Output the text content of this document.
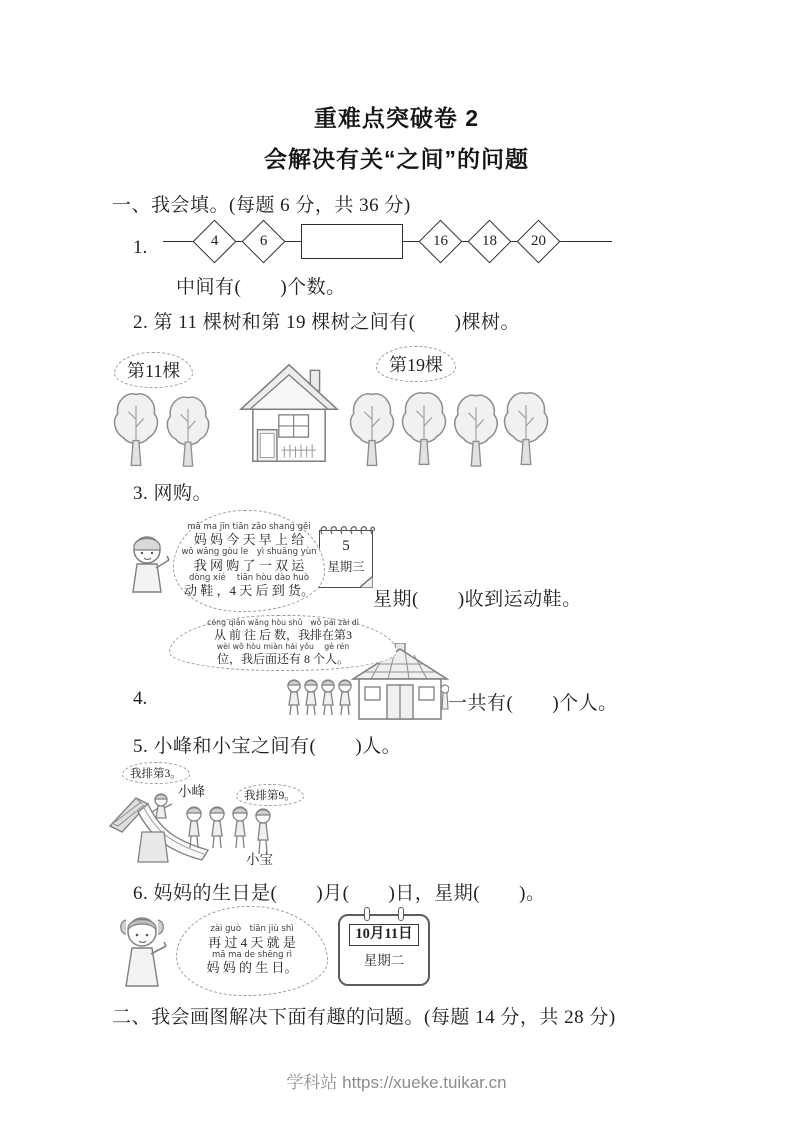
重难点突破卷 2
会解决有关“之间”的问题
一、我会填。(每题 6 分，共 36 分)
1.	4	6	16 18 20
中间有(　　)个数。
2. 第 11 棵树和第 19 棵树之间有(　　)棵树。
第11棵	第19棵
3. 网购。
mā ma jīn tiān zǎo shang gěi
妈 妈 今 天 早 上 给
wǒ wǎng gòu le　yì shuāng yùn
我 网 购 了 一 双 运
dòng xié　 tiān hòu dào huò
动 鞋 ，4 天 后 到 货。
5
星期三
星期(　　)收到运动鞋。
cóng qián wǎng hòu shǔ　wǒ pái zài dì
从 前 往 后 数，我排在第3
wèi wǒ hòu miàn hái yǒu　 gè rén
位，我后面还有 8 个人。
4.	一共有(　　)个人。
5. 小峰和小宝之间有(　　)人。
我排第3。
小峰	我排第9。
小宝
6. 妈妈的生日是(　　)月(　　)日，星期(　　)。
zài guò　tiān jiù shì
再 过 4 天 就 是
mā ma de shēng rì
妈 妈 的 生 日。
10月11日
星期二
二、我会画图解决下面有趣的问题。(每题 14 分，共 28 分)
学科站 https://xueke.tuikar.cn
